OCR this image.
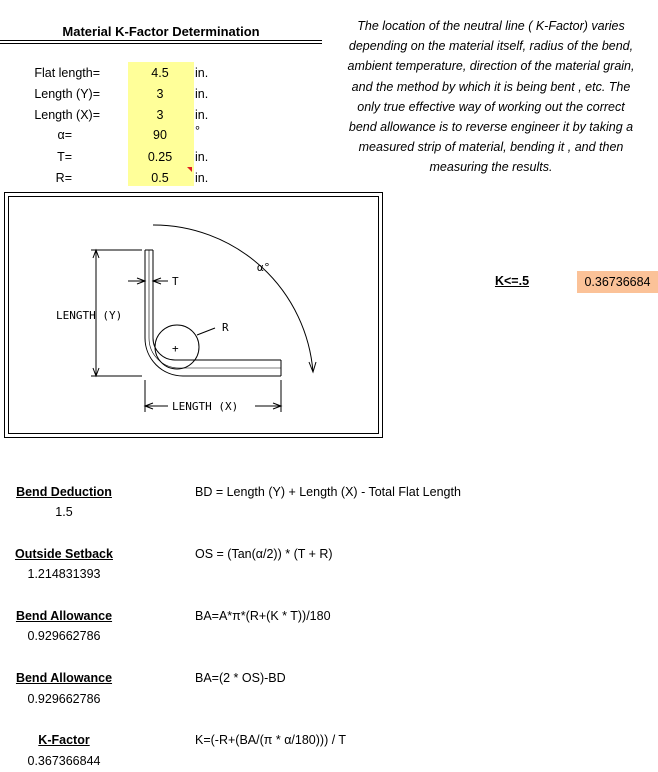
Material K-Factor Determination	The location of the neutral line ( K-Factor) varies
depending on the material itself, radius of the bend,
ambient temperature, direction of the material grain,
and the method by which it is being bent , etc. The
only true effective way of working out the correct
bend allowance is to reverse engineer it by taking a
measured strip of material, bending it , and then
measuring the results.
Flat length=	4.5	in.
Length (Y)=	3	in.
Length (X)=	3	in.
α=	90	°
T=	0.25	in.
R=	0.5	in.
LENGTH (Y)
LENGTH (X)
T
R
α°
+
K<=.5	0.36736684
Bend Deduction
1.5
BD = Length (Y) + Length (X) - Total Flat Length
Outside Setback
1.214831393
OS = (Tan(α/2)) * (T + R)
Bend Allowance
0.929662786
BA=A*π*(R+(K * T))/180
Bend Allowance
0.929662786
BA=(2 * OS)-BD
K-Factor
0.367366844
K=(-R+(BA/(π * α/180))) / T
